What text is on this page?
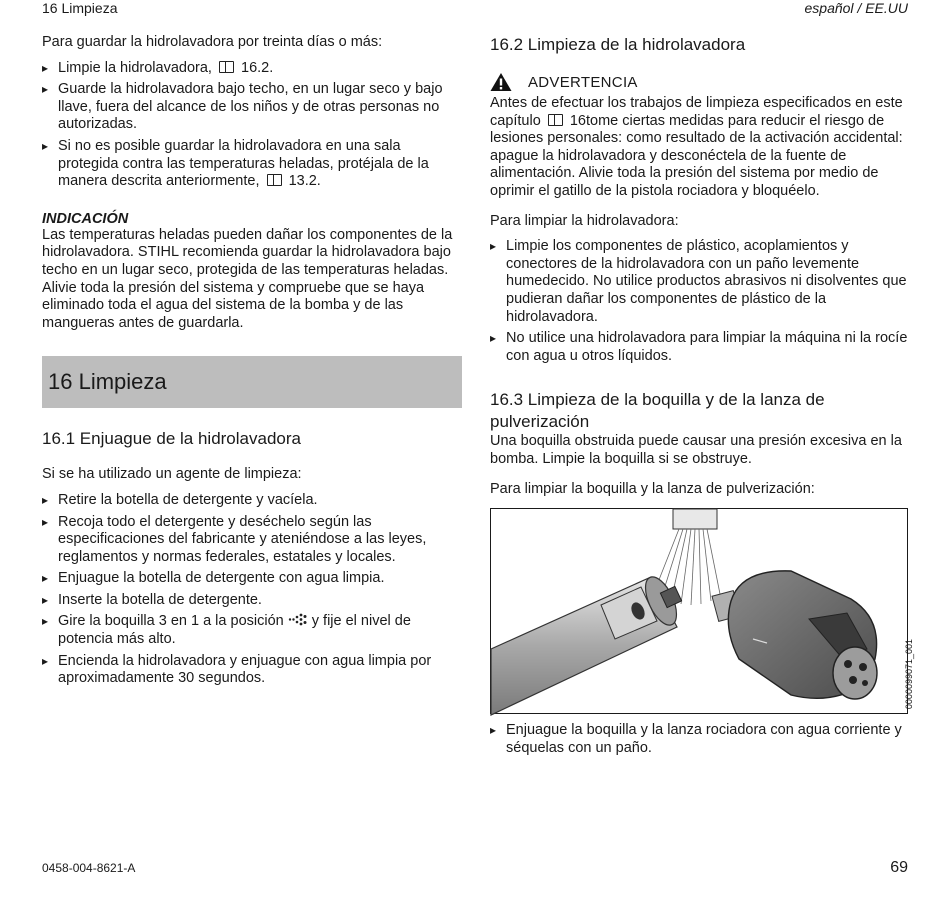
16 Limpieza	español / EE.UU

Para guardar la hidrolavadora por treinta días o más:

▸ Limpie la hidrolavadora, 16.2.
▸ Guarde la hidrolavadora bajo techo, en un lugar seco y bajo llave, fuera del alcance de los niños y de otras personas no autorizadas.
▸ Si no es posible guardar la hidrolavadora en una sala protegida contra las temperaturas heladas, protéjala de la manera descrita anteriormente, 13.2.
INDICACIÓN

Las temperaturas heladas pueden dañar los componentes de la hidrolavadora. STIHL recomienda guardar la hidrolavadora bajo techo en un lugar seco, protegida de las temperaturas heladas. Alivie toda la presión del sistema y compruebe que se haya eliminado toda el agua del sistema de la bomba y de las mangueras antes de guardarla.

16 Limpieza
16.1 Enjuague de la hidrolavadora

Si se ha utilizado un agente de limpieza:

▸ Retire la botella de detergente y vacíela.
▸ Recoja todo el detergente y deséchelo según las especificaciones del fabricante y ateniéndose a las leyes, reglamentos y normas federales, estatales y locales.
▸ Enjuague la botella de detergente con agua limpia.
▸ Inserte la botella de detergente.
▸ Gire la boquilla 3 en 1 a la posición y fije el nivel de potencia más alto.
▸ Encienda la hidrolavadora y enjuague con agua limpia por aproximadamente 30 segundos.
16.2 Limpieza de la hidrolavadora
ADVERTENCIA

Antes de efectuar los trabajos de limpieza especificados en este capítulo 16tome ciertas medidas para reducir el riesgo de lesiones personales: como resultado de la activación accidental: apague la hidrolavadora y desconéctela de la fuente de alimentación. Alivie toda la presión del sistema por medio de oprimir el gatillo de la pistola rociadora y bloquéelo.

Para limpiar la hidrolavadora:

▸ Limpie los componentes de plástico, acoplamientos y conectores de la hidrolavadora con un paño levemente humedecido. No utilice productos abrasivos ni disolventes que pudieran dañar los componentes de plástico de la hidrolavadora.
▸ No utilice una hidrolavadora para limpiar la máquina ni la rocíe con agua u otros líquidos.
16.3 Limpieza de la boquilla y de la lanza de pulverización

Una boquilla obstruida puede causar una presión excesiva en la bomba. Limpie la boquilla si se obstruye.

Para limpiar la boquilla y la lanza de pulverización:

0000099071_001
▸ Enjuague la boquilla y la lanza rociadora con agua corriente y séquelas con un paño.
0458-004-8621-A	69
